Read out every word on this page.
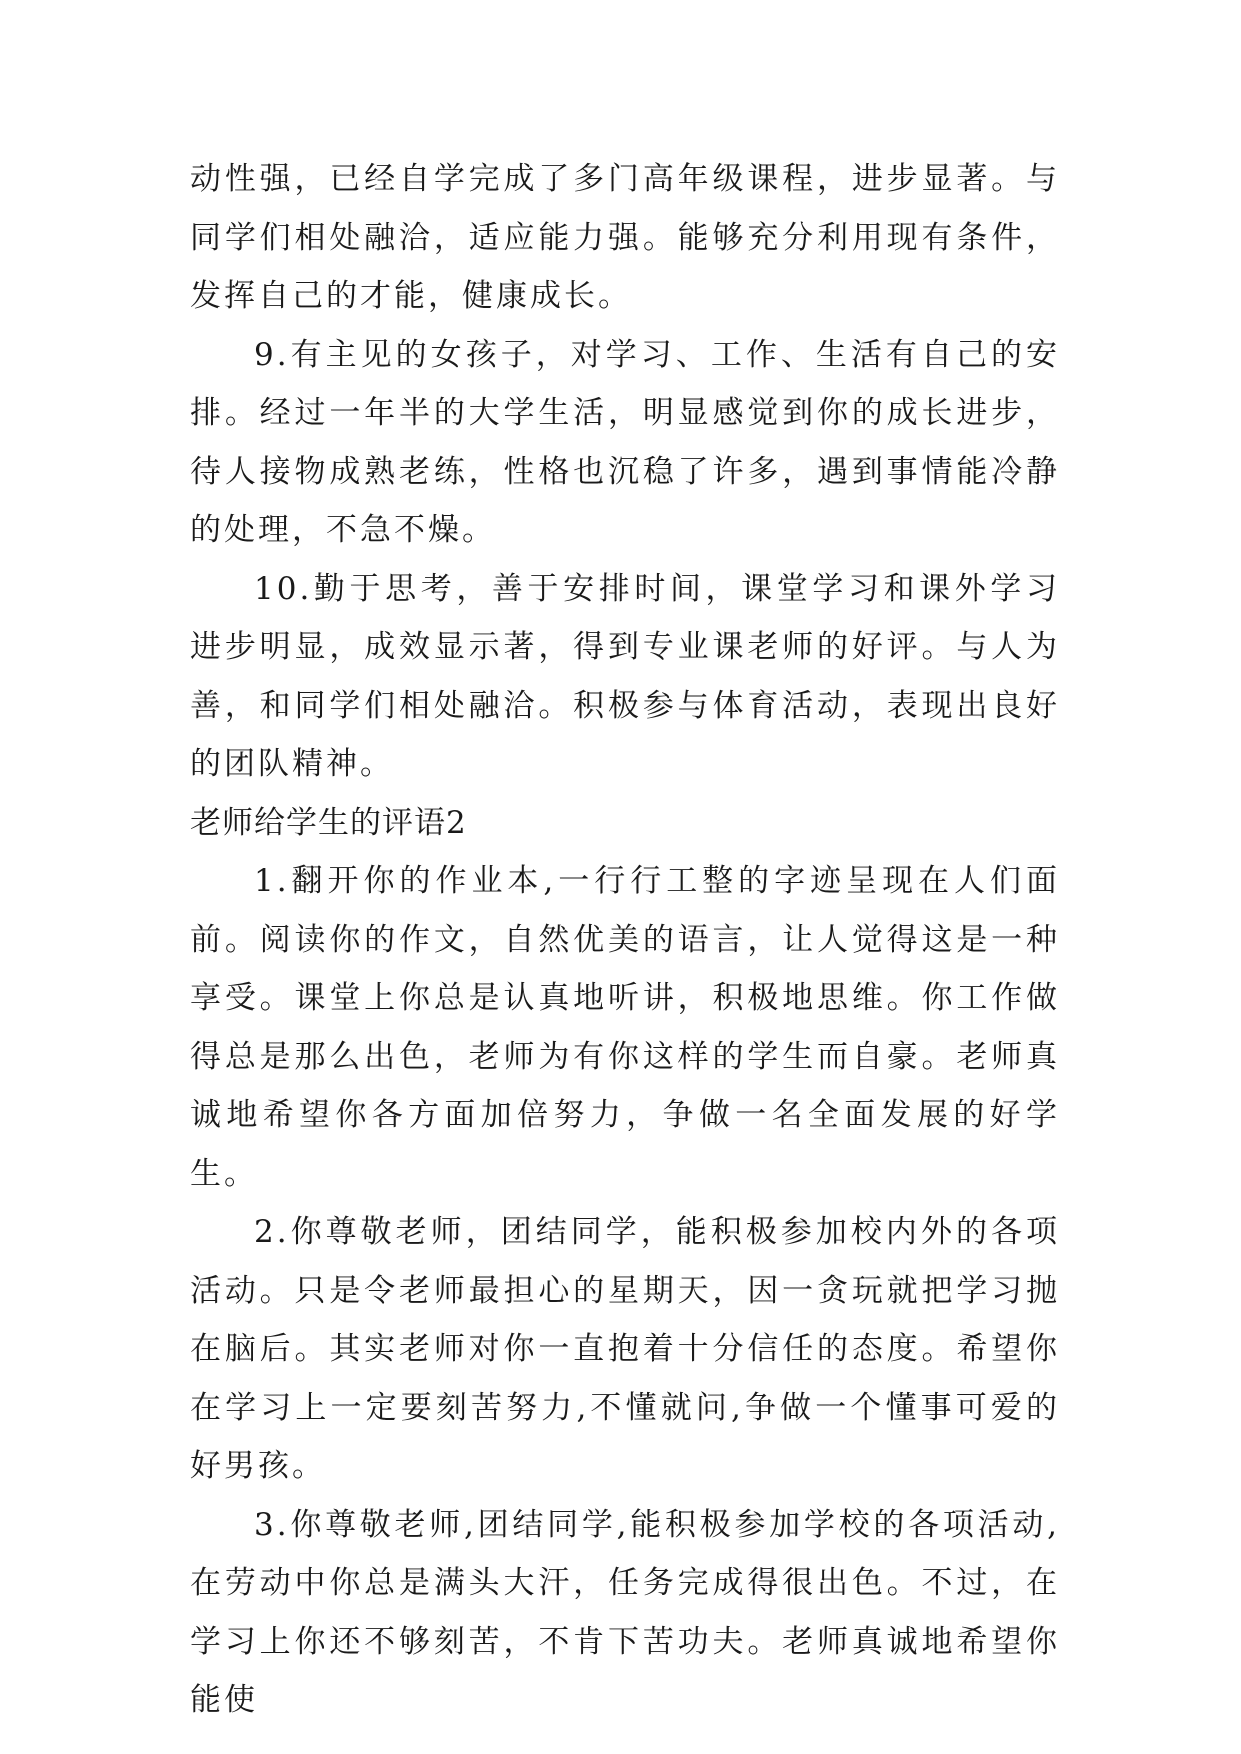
动性强，已经自学完成了多门高年级课程，进步显著。与同学们相处融洽，适应能力强。能够充分利用现有条件，发挥自己的才能，健康成长。

9.有主见的女孩子，对学习、工作、生活有自己的安排。经过一年半的大学生活，明显感觉到你的成长进步，待人接物成熟老练，性格也沉稳了许多，遇到事情能冷静的处理，不急不燥。

10.勤于思考，善于安排时间，课堂学习和课外学习进步明显，成效显示著，得到专业课老师的好评。与人为善，和同学们相处融洽。积极参与体育活动，表现出良好的团队精神。

老师给学生的评语2

1.翻开你的作业本,一行行工整的字迹呈现在人们面前。阅读你的作文，自然优美的语言，让人觉得这是一种享受。课堂上你总是认真地听讲，积极地思维。你工作做得总是那么出色，老师为有你这样的学生而自豪。老师真诚地希望你各方面加倍努力，争做一名全面发展的好学生。

2.你尊敬老师，团结同学，能积极参加校内外的各项活动。只是令老师最担心的星期天，因一贪玩就把学习抛在脑后。其实老师对你一直抱着十分信任的态度。希望你在学习上一定要刻苦努力,不懂就问,争做一个懂事可爱的好男孩。

3.你尊敬老师,团结同学,能积极参加学校的各项活动,在劳动中你总是满头大汗，任务完成得很出色。不过，在学习上你还不够刻苦，不肯下苦功夫。老师真诚地希望你能使
